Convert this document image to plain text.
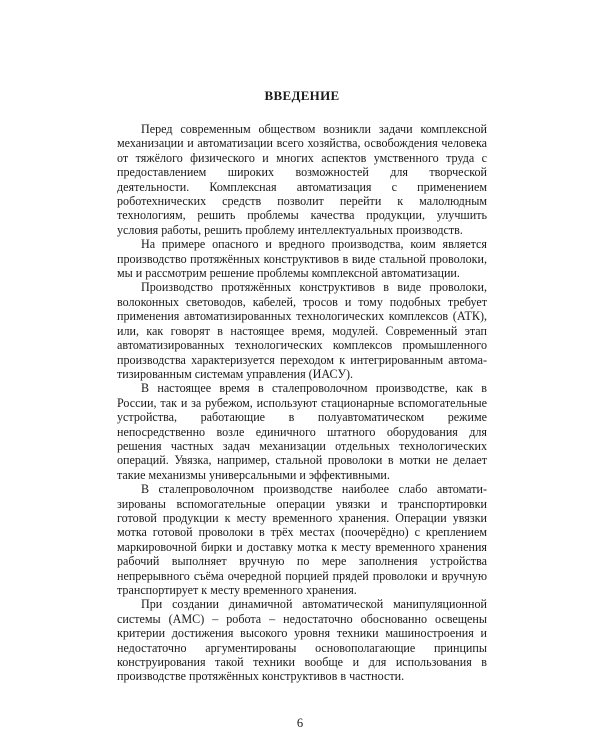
ВВЕДЕНИЕ

Перед современным обществом возникли задачи комплексной механизации и автоматизации всего хозяйства, освобождения человека от тяжёлого физического и многих аспектов умственного труда с предоставлением широких возможностей для творческой деятельности. Комплексная автоматизация с применением роботехнических средств позволит перейти к малолюдным технологиям, решить проблемы качества продукции, улучшить условия работы, решить проблему интеллектуальных производств.

На примере опасного и вредного производства, коим является производство протяжённых конструктивов в виде стальной проволоки, мы и рассмотрим решение проблемы комплексной автоматизации.

Производство протяжённых конструктивов в виде проволоки, волоконных световодов, кабелей, тросов и тому подобных требует применения автоматизированных технологических комплексов (АТК), или, как говорят в настоящее время, модулей. Современный этап автоматизированных технологических комплексов промышленного производства характеризуется переходом к интегрированным автоматизированным системам управления (ИАСУ).

В настоящее время в сталепроволочном производстве, как в России, так и за рубежом, используют стационарные вспомогательные устройства, работающие в полуавтоматическом режиме непосредственно возле единичного штатного оборудования для решения частных задач механизации отдельных технологических операций. Увязка, например, стальной проволоки в мотки не делает такие механизмы универсальными и эффективными.

В сталепроволочном производстве наиболее слабо автоматизированы вспомогательные операции увязки и транспортировки готовой продукции к месту временного хранения. Операции увязки мотка готовой проволоки в трёх местах (поочерёдно) с креплением маркировочной бирки и доставку мотка к месту временного хранения рабочий выполняет вручную по мере заполнения устройства непрерывного съёма очередной порцией прядей проволоки и вручную транспортирует к месту временного хранения.

При создании динамичной автоматической манипуляционной системы (АМС) – робота – недостаточно обоснованно освещены критерии достижения высокого уровня техники машиностроения и недостаточно аргументированы основополагающие принципы конструирования такой техники вообще и для использования в производстве протяжённых конструктивов в частности.

6
